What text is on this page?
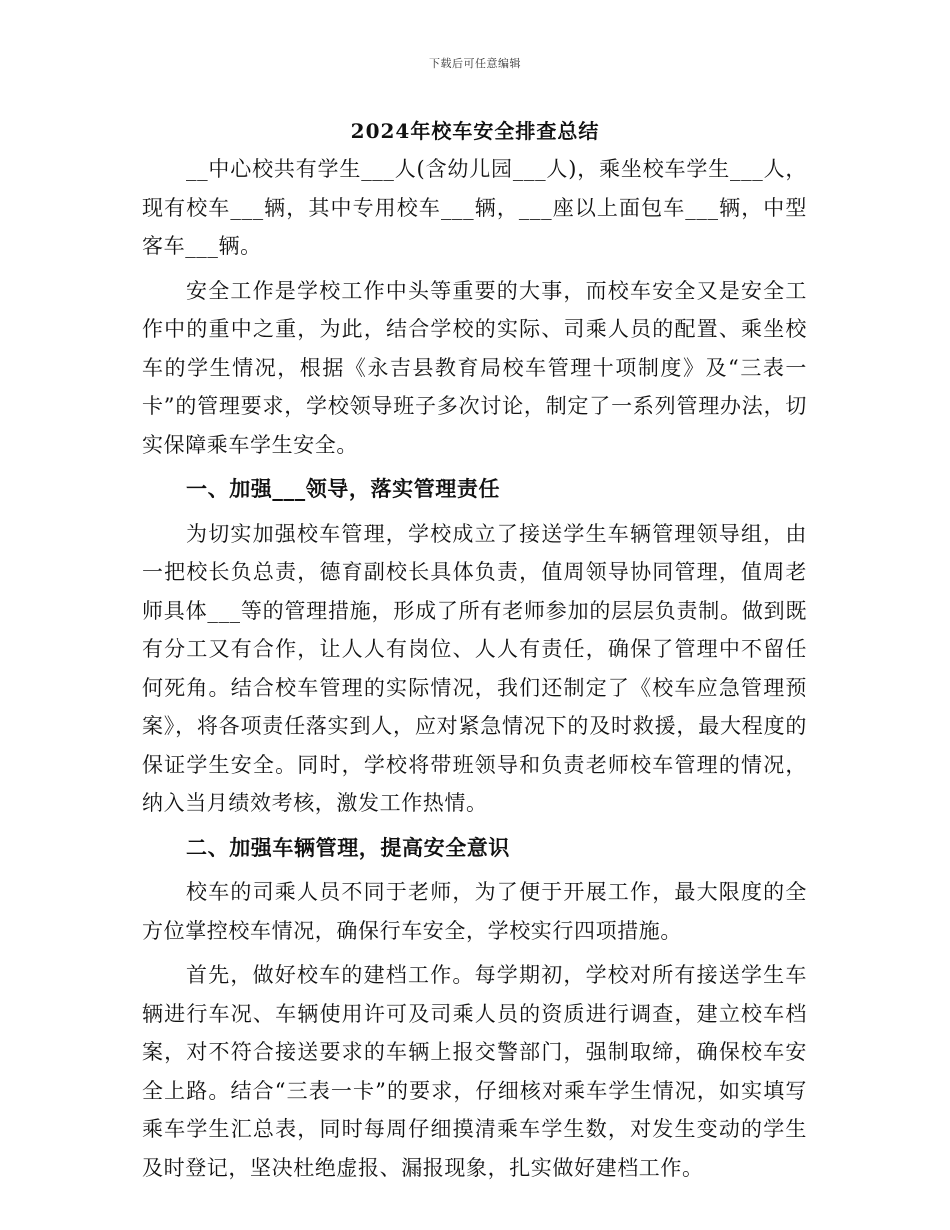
下载后可任意编辑
2024年校车安全排查总结

__中心校共有学生___人(含幼儿园___人)，乘坐校车学生___人，现有校车___辆，其中专用校车___辆，___座以上面包车___辆，中型客车___辆。

安全工作是学校工作中头等重要的大事，而校车安全又是安全工作中的重中之重，为此，结合学校的实际、司乘人员的配置、乘坐校车的学生情况，根据《永吉县教育局校车管理十项制度》及“三表一卡”的管理要求，学校领导班子多次讨论，制定了一系列管理办法，切实保障乘车学生安全。

一、加强___领导，落实管理责任

为切实加强校车管理，学校成立了接送学生车辆管理领导组，由一把校长负总责，德育副校长具体负责，值周领导协同管理，值周老师具体___等的管理措施，形成了所有老师参加的层层负责制。做到既有分工又有合作，让人人有岗位、人人有责任，确保了管理中不留任何死角。结合校车管理的实际情况，我们还制定了《校车应急管理预案》，将各项责任落实到人，应对紧急情况下的及时救援，最大程度的保证学生安全。同时，学校将带班领导和负责老师校车管理的情况，纳入当月绩效考核，激发工作热情。

二、加强车辆管理，提高安全意识

校车的司乘人员不同于老师，为了便于开展工作，最大限度的全方位掌控校车情况，确保行车安全，学校实行四项措施。

首先，做好校车的建档工作。每学期初，学校对所有接送学生车辆进行车况、车辆使用许可及司乘人员的资质进行调查，建立校车档案，对不符合接送要求的车辆上报交警部门，强制取缔，确保校车安全上路。结合“三表一卡”的要求，仔细核对乘车学生情况，如实填写乘车学生汇总表，同时每周仔细摸清乘车学生数，对发生变动的学生及时登记，坚决杜绝虚报、漏报现象，扎实做好建档工作。
